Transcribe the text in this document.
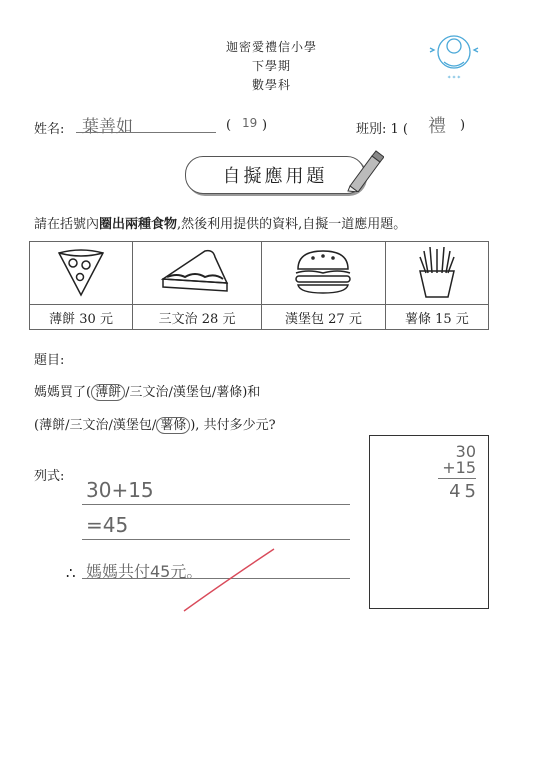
迦密愛禮信小學
下學期
數學科	* * *
姓名: 葉善如	( 19 )	班別: 1 ( 禮 )
自擬應用題
請在括號內圈出兩種食物,然後利用提供的資料,自擬一道應用題。

薄餅 30 元	三文治 28 元	漢堡包 27 元	薯條 15 元
題目:
媽媽買了( 薄餅 /三文治/漢堡包/薯條)和
(薄餅/三文治/漢堡包/ 薯條 ), 共付多少元?
列式:
30+15
=45
∴ 媽媽共付45元。
30
+15
45
